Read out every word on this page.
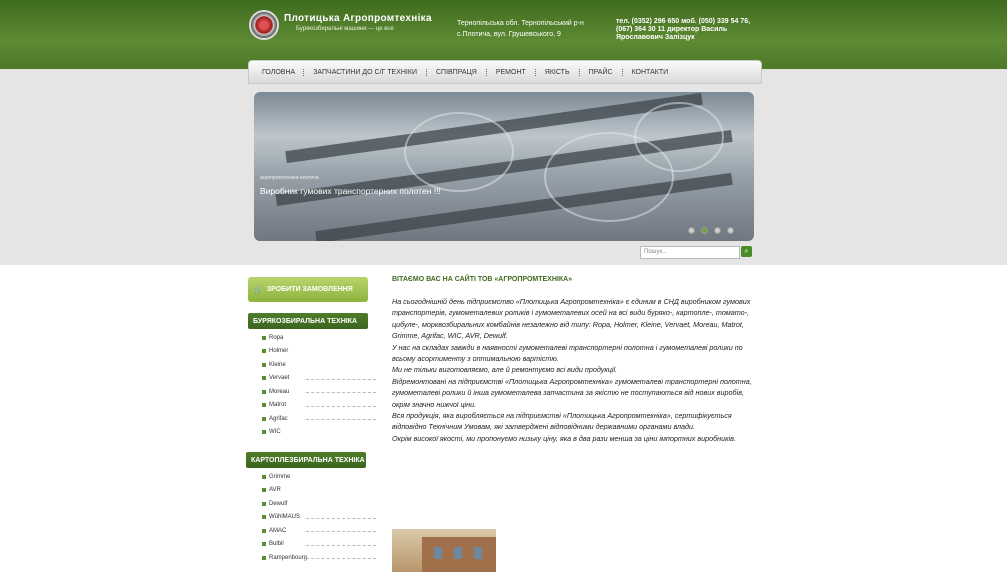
Плотицька Агропромтехніка
Бурякозбиральні машини — це все
Тернопільська обл. Тернопільський р-н с.Плотича, вул. Грушевського, 9
тел. (0352) 296 650 моб. (050) 339 54 76, (067) 364 30 11 директор Василь Ярославович Залізцук
ГОЛОВНА	ЗАПЧАСТИНИ ДО С/Г ТЕХНІКИ	СПІВПРАЦЯ	РЕМОНТ	ЯКІСТЬ	ПРАЙС	КОНТАКТИ
агропромтехніка-плотича
Виробник гумових транспортерних полотен !!!
Пошук...	⌕
🛒 ЗРОБИТИ ЗАМОВЛЕННЯ
БУРЯКОЗБИРАЛЬНА ТЕХНІКА
Ropa
Holmer
Kleine
Vervaet
Moreau
Matrot
Agrifac
WIC
КАРТОПЛЕЗБИРАЛЬНА ТЕХНІКА
Grimme
AVR
Dewulf
WühlMAUS
AMAC
Bulbil
Rampenbourg
ВІТАЄМО ВАС НА САЙТІ ТОВ «АГРОПРОМТЕХНІКА»
На сьогоднішній день підприємство «Плотицька Агропромтехніка» є єдиним в СНД виробником гумових транспортерів, гумометалевих роликів і гумометалевих осей на всі види буряко-, картопле-, томато-, цибуле-, морквозбиральних комбайнів незалежно від типу: Ropa, Holmer, Kleine, Vervaet, Moreau, Matrot, Grimme, Agrifac, WIC, AVR, Dewulf.
У нас на складах завжди в наявності гумометалеві транспортерні полотна і гумометалеві ролики по всьому асортименту з оптимальною вартістю.
Ми не тільки виготовляємо, але й ремонтуємо всі види продукції.
Відремонтовані на підприємстві «Плотицька Агропромтехніка» гумометалеві транспортерні полотна, гумометалеві ролики й інша гумометалева запчастина за якістю не поступаються від нових виробів, окрім значно нижчої ціни.
Вся продукція, яка виробляється на підприємстві «Плотицька Агропромтехніка», сертифікується відповідно Технічним Умовам, які затверджені відповідними державними органами влади.
Окрім високої якості, ми пропонуємо низьку ціну, яка в два рази менша за ціни імпортних виробників.
